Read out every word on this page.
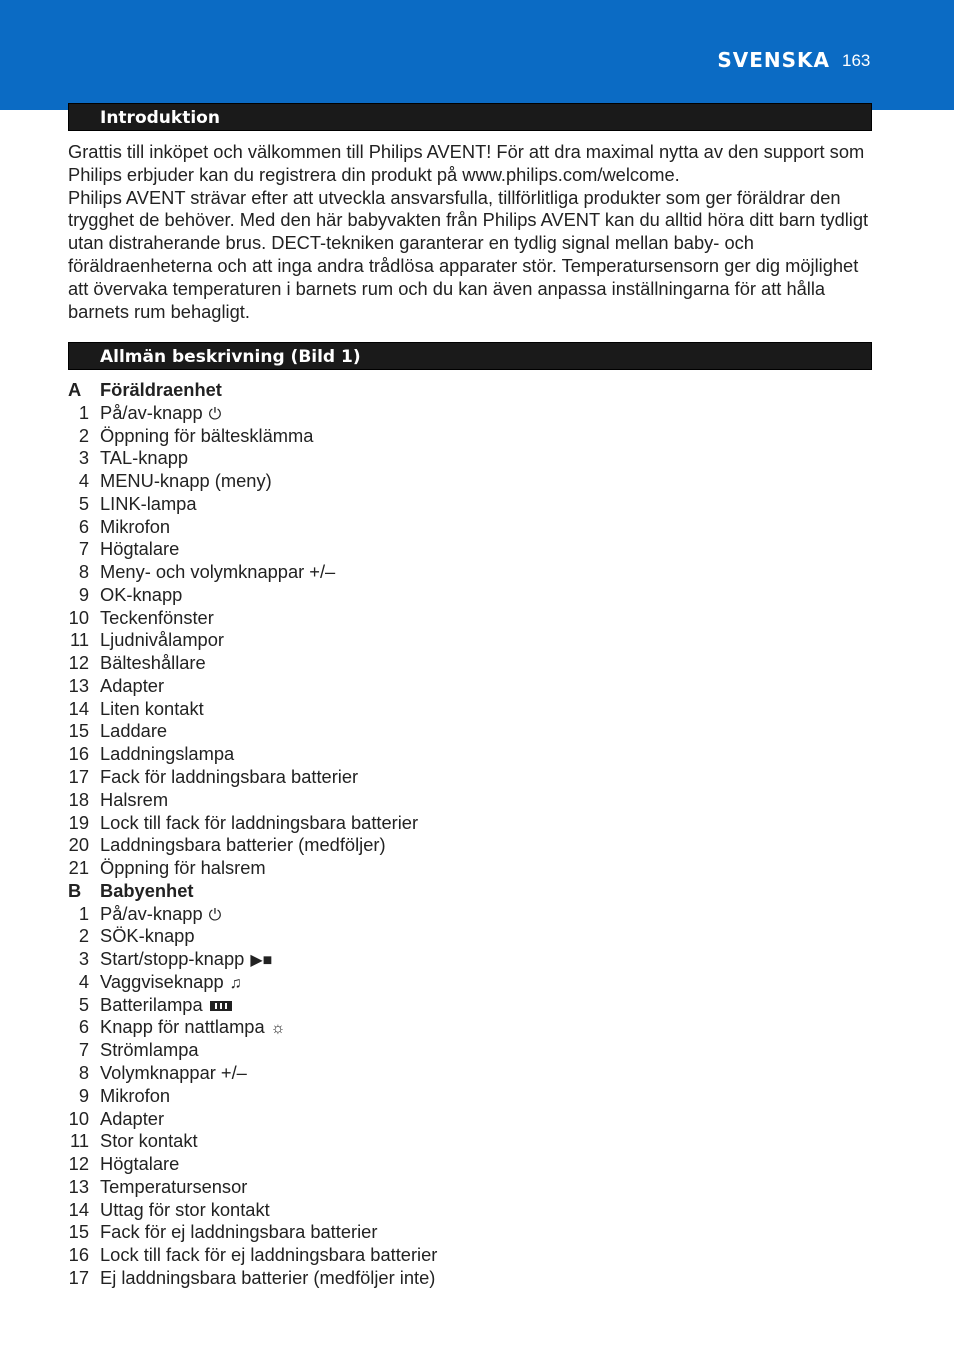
SVENSKA 163
Introduktion

Grattis till inköpet och välkommen till Philips AVENT! För att dra maximal nytta av den support som Philips erbjuder kan du registrera din produkt på www.philips.com/welcome.

Philips AVENT strävar efter att utveckla ansvarsfulla, tillförlitliga produkter som ger föräldrar den trygghet de behöver. Med den här babyvakten från Philips AVENT kan du alltid höra ditt barn tydligt utan distraherande brus. DECT-tekniken garanterar en tydlig signal mellan baby- och föräldraenheterna och att inga andra trådlösa apparater stör. Temperatursensorn ger dig möjlighet att övervaka temperaturen i barnets rum och du kan även anpassa inställningarna för att hålla barnets rum behagligt.

Allmän beskrivning (Bild 1)
A Föräldraenhet
1 På/av-knapp ⏻
2 Öppning för bältesklämma
3 TAL-knapp
4 MENU-knapp (meny)
5 LINK-lampa
6 Mikrofon
7 Högtalare
8 Meny- och volymknappar +/–
9 OK-knapp
10 Teckenfönster
11 Ljudnivålampor
12 Bälteshållare
13 Adapter
14 Liten kontakt
15 Laddare
16 Laddningslampa
17 Fack för laddningsbara batterier
18 Halsrem
19 Lock till fack för laddningsbara batterier
20 Laddningsbara batterier (medföljer)
21 Öppning för halsrem
B Babyenhet
1 På/av-knapp ⏻
2 SÖK-knapp
3 Start/stopp-knapp ▶■
4 Vaggviseknapp ♫
5 Batterilampa
6 Knapp för nattlampa ☼
7 Strömlampa
8 Volymknappar +/–
9 Mikrofon
10 Adapter
11 Stor kontakt
12 Högtalare
13 Temperatursensor
14 Uttag för stor kontakt
15 Fack för ej laddningsbara batterier
16 Lock till fack för ej laddningsbara batterier
17 Ej laddningsbara batterier (medföljer inte)
